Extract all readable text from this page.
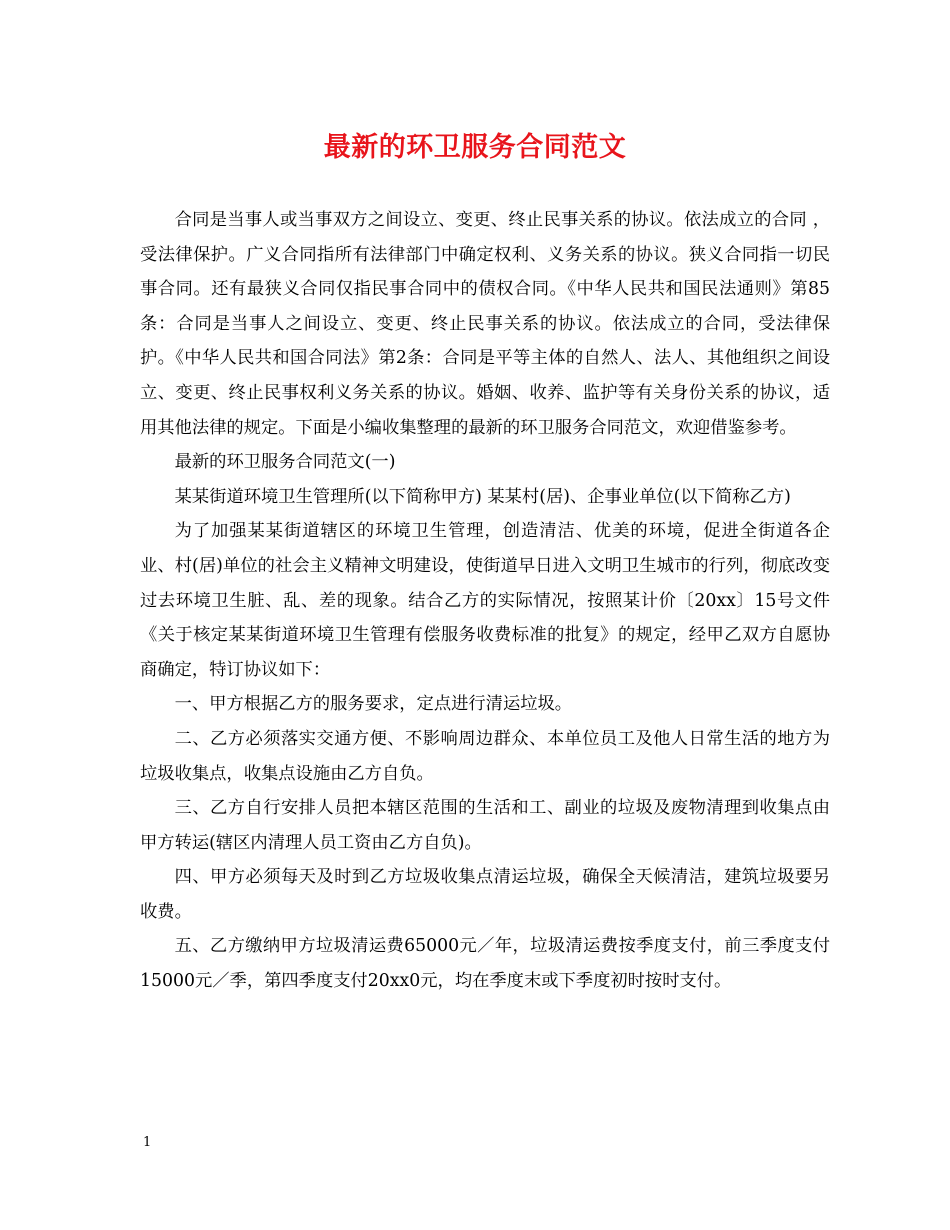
最新的环卫服务合同范文

合同是当事人或当事双方之间设立、变更、终止民事关系的协议。依法成立的合同 ，受法律保护。广义合同指所有法律部门中确定权利、义务关系的协议。狭义合同指一切民事合同。还有最狭义合同仅指民事合同中的债权合同。《中华人民共和国民法通则》第85条：合同是当事人之间设立、变更、终止民事关系的协议。依法成立的合同，受法律保护。《中华人民共和国合同法》第2条：合同是平等主体的自然人、法人、其他组织之间设立、变更、终止民事权利义务关系的协议。婚姻、收养、监护等有关身份关系的协议，适用其他法律的规定。下面是小编收集整理的最新的环卫服务合同范文，欢迎借鉴参考。

最新的环卫服务合同范文(一)

某某街道环境卫生管理所(以下简称甲方) 某某村(居)、企事业单位(以下简称乙方)

为了加强某某街道辖区的环境卫生管理，创造清洁、优美的环境，促进全街道各企业、村(居)单位的社会主义精神文明建设，使街道早日进入文明卫生城市的行列，彻底改变过去环境卫生脏、乱、差的现象。结合乙方的实际情况，按照某计价〔20xx〕15号文件《关于核定某某街道环境卫生管理有偿服务收费标准的批复》的规定，经甲乙双方自愿协商确定，特订协议如下：

一、甲方根据乙方的服务要求，定点进行清运垃圾。

二、乙方必须落实交通方便、不影响周边群众、本单位员工及他人日常生活的地方为垃圾收集点，收集点设施由乙方自负。

三、乙方自行安排人员把本辖区范围的生活和工、副业的垃圾及废物清理到收集点由甲方转运(辖区内清理人员工资由乙方自负)。

四、甲方必须每天及时到乙方垃圾收集点清运垃圾，确保全天候清洁，建筑垃圾要另收费。

五、乙方缴纳甲方垃圾清运费65000元／年，垃圾清运费按季度支付，前三季度支付15000元／季，第四季度支付20xx0元，均在季度末或下季度初时按时支付。

1
